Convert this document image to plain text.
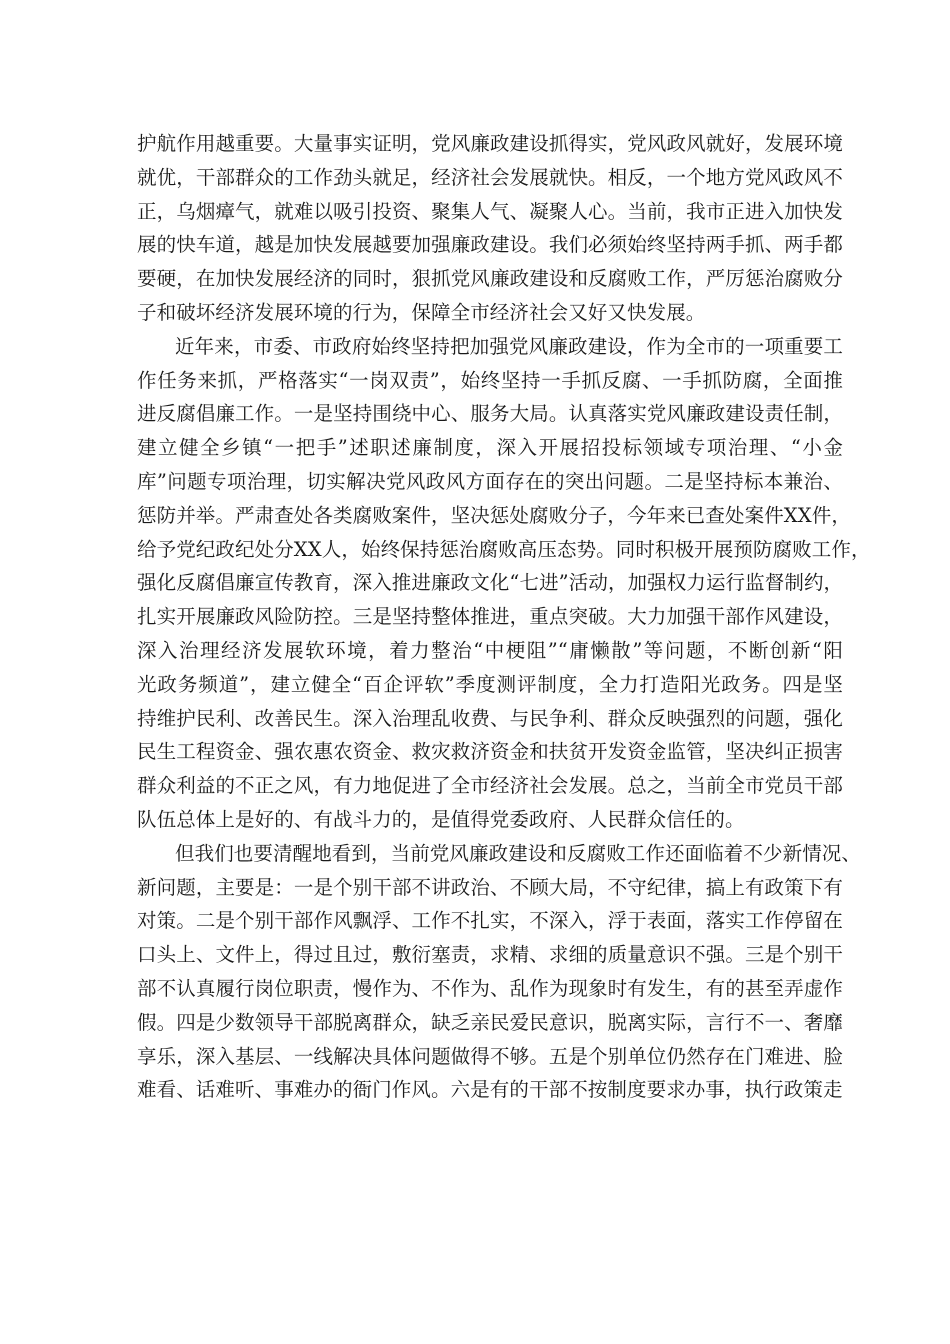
护航作用越重要。大量事实证明，党风廉政建设抓得实，党风政风就好，发展环境
就优，干部群众的工作劲头就足，经济社会发展就快。相反，一个地方党风政风不
正，乌烟瘴气，就难以吸引投资、聚集人气、凝聚人心。当前，我市正进入加快发
展的快车道，越是加快发展越要加强廉政建设。我们必须始终坚持两手抓、两手都
要硬，在加快发展经济的同时，狠抓党风廉政建设和反腐败工作，严厉惩治腐败分
子和破坏经济发展环境的行为，保障全市经济社会又好又快发展。
近年来，市委、市政府始终坚持把加强党风廉政建设，作为全市的一项重要工
作任务来抓，严格落实“一岗双责”，始终坚持一手抓反腐、一手抓防腐，全面推
进反腐倡廉工作。一是坚持围绕中心、服务大局。认真落实党风廉政建设责任制，
建立健全乡镇“一把手”述职述廉制度，深入开展招投标领域专项治理、“小金
库”问题专项治理，切实解决党风政风方面存在的突出问题。二是坚持标本兼治、
惩防并举。严肃查处各类腐败案件，坚决惩处腐败分子，今年来已查处案件XX件，
给予党纪政纪处分XX人，始终保持惩治腐败高压态势。同时积极开展预防腐败工作，
强化反腐倡廉宣传教育，深入推进廉政文化“七进”活动，加强权力运行监督制约，
扎实开展廉政风险防控。三是坚持整体推进，重点突破。大力加强干部作风建设，
深入治理经济发展软环境，着力整治“中梗阻”“庸懒散”等问题，不断创新“阳
光政务频道”，建立健全“百企评软”季度测评制度，全力打造阳光政务。四是坚
持维护民利、改善民生。深入治理乱收费、与民争利、群众反映强烈的问题，强化
民生工程资金、强农惠农资金、救灾救济资金和扶贫开发资金监管，坚决纠正损害
群众利益的不正之风，有力地促进了全市经济社会发展。总之，当前全市党员干部
队伍总体上是好的、有战斗力的，是值得党委政府、人民群众信任的。
但我们也要清醒地看到，当前党风廉政建设和反腐败工作还面临着不少新情况、
新问题，主要是：一是个别干部不讲政治、不顾大局，不守纪律，搞上有政策下有
对策。二是个别干部作风飘浮、工作不扎实，不深入，浮于表面，落实工作停留在
口头上、文件上，得过且过，敷衍塞责，求精、求细的质量意识不强。三是个别干
部不认真履行岗位职责，慢作为、不作为、乱作为现象时有发生，有的甚至弄虚作
假。四是少数领导干部脱离群众，缺乏亲民爱民意识，脱离实际，言行不一、奢靡
享乐，深入基层、一线解决具体问题做得不够。五是个别单位仍然存在门难进、脸
难看、话难听、事难办的衙门作风。六是有的干部不按制度要求办事，执行政策走
